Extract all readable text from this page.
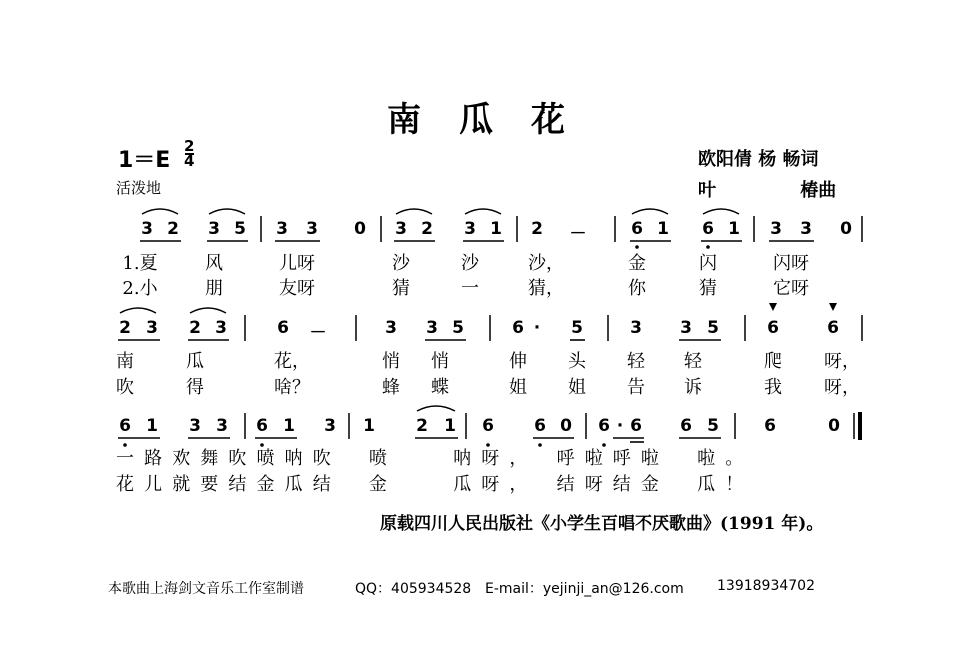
南瓜花
1＝E
2
4
活泼地
欧阳倩 杨 畅词
叶 椿曲
3 2 3 5 3 3 0 3 2 3 1 2 －	6 1 6 1 3 3 0
1.夏	风	儿呀	沙	沙	沙，	金	闪	闪呀
2.小	朋	友呀	猜	一	猜，	你	猜	它呀
2 3 2 3	6 －	3 3 5	6 · 5	3 3 5	6	6
南	瓜	花，	悄 悄	伸 头 轻 轻	爬 呀，
吹	得	啥？	蜂 蝶	姐 姐 告 诉	我 呀，
6 1 3 3 6 1 3 1 2 1 6 6 0 6 · 6 6 5	6	0
一路欢舞吹喷呐吹　喷　　呐呀，　呼啦呼啦　啦。
花儿就要结金瓜结　金　　瓜呀，　结呀结金　瓜！
原载四川人民出版社《小学生百唱不厌歌曲》(1991 年)。
本歌曲上海剑文音乐工作室制谱	QQ：405934528 E-mail：yejinji_an@126.com 13918934702
